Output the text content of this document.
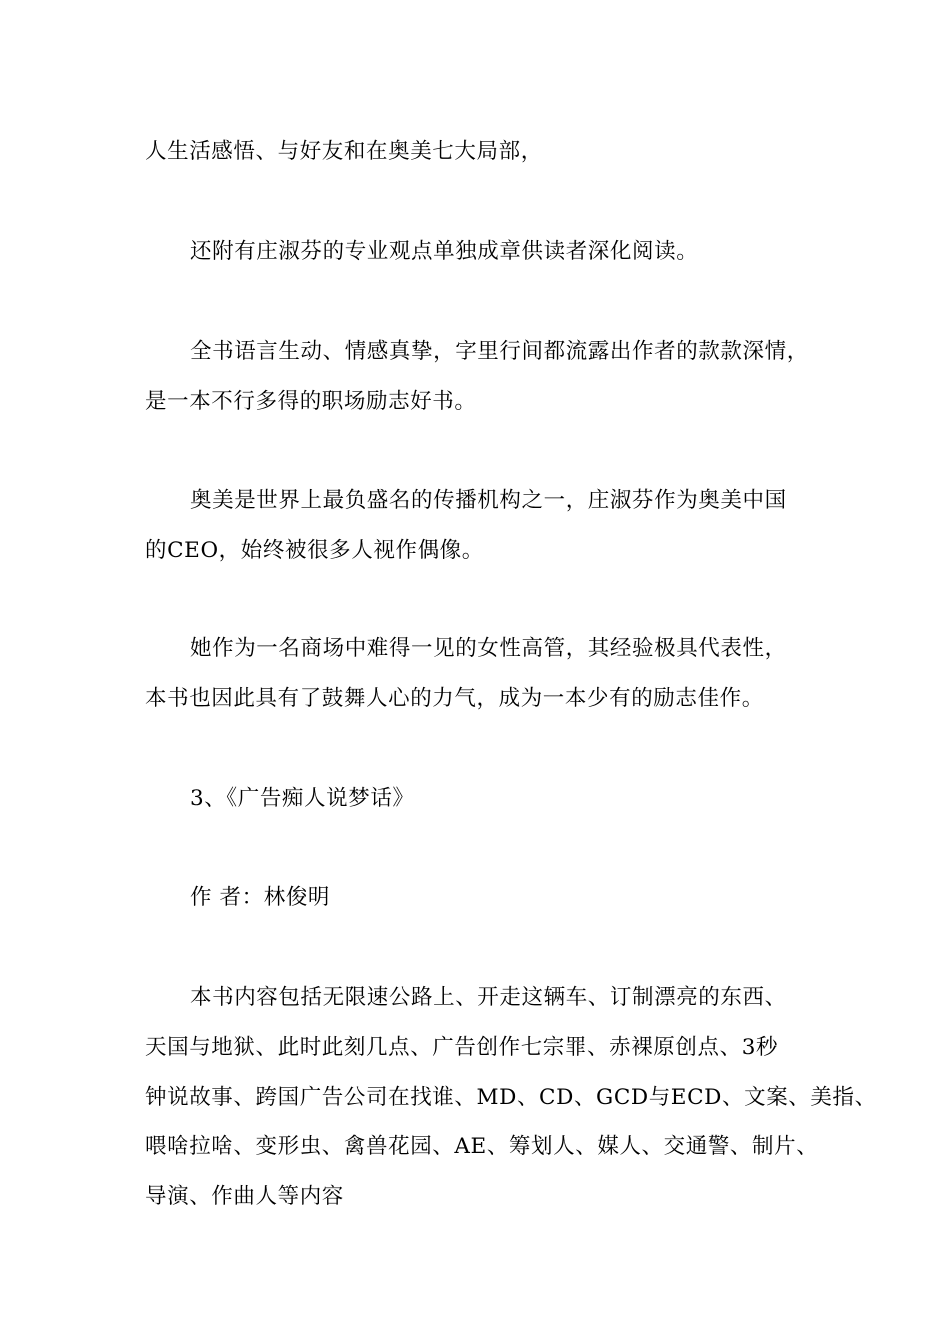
人生活感悟、与好友和在奥美七大局部，
还附有庄淑芬的专业观点单独成章供读者深化阅读。
全书语言生动、情感真挚，字里行间都流露出作者的款款深情，
是一本不行多得的职场励志好书。
奥美是世界上最负盛名的传播机构之一，庄淑芬作为奥美中国
的CEO，始终被很多人视作偶像。
她作为一名商场中难得一见的女性高管，其经验极具代表性，
本书也因此具有了鼓舞人心的力气，成为一本少有的励志佳作。
3、《广告痴人说梦话》
作 者：林俊明
本书内容包括无限速公路上、开走这辆车、订制漂亮的东西、
天国与地狱、此时此刻几点、广告创作七宗罪、赤裸原创点、3秒
钟说故事、跨国广告公司在找谁、MD、CD、GCD与ECD、文案、美指、
喂啥拉啥、变形虫、禽兽花园、AE、筹划人、媒人、交通警、制片、
导演、作曲人等内容
